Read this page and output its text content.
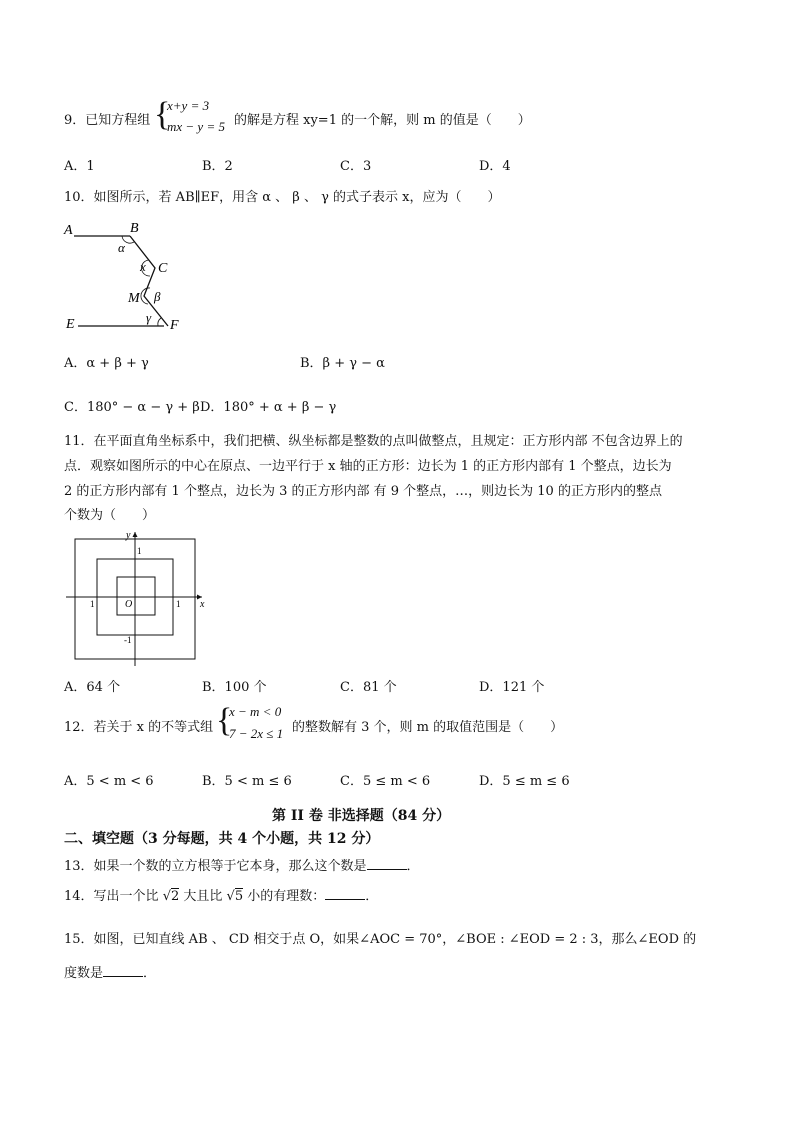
9．已知方程组 {
x+y = 3
mx − y = 5 的解是方程 xy=1 的一个解，则 m 的值是（　　）
A．1	B．2	C．3	D．4
10．如图所示，若 AB∥EF，用含 α 、 β 、 γ 的式子表示 x，应为（　　）
A	B
α
x C
M β
E	γ
F
A．α + β + γ	B．β + γ − α
C．180° − α − γ + β D．180° + α + β − γ
11．在平面直角坐标系中，我们把横、纵坐标都是整数的点叫做整点，且规定：正方形内部 不包含边界上的
点．观察如图所示的中心在原点、一边平行于 x 轴的正方形：边长为 1 的正方形内部有 1 个整点，边长为
2 的正方形内部有 1 个整点，边长为 3 的正方形内部 有 9 个整点，…，则边长为 10 的正方形内的整点
个数为（　　）
y
x
1
1	1
-1
O
A．64 个	B．100 个	C．81 个	D．121 个
12．若关于 x 的不等式组 {
x − m < 0
7 − 2x ≤ 1 的整数解有 3 个，则 m 的取值范围是（　　）
A．5 < m < 6	B．5 < m ≤ 6	C．5 ≤ m < 6	D．5 ≤ m ≤ 6
第 II 卷 非选择题（84 分）
二、填空题（3 分每题，共 4 个小题，共 12 分）
13．如果一个数的立方根等于它本身，那么这个数是	．
14．写出一个比 √2 大且比 √5 小的有理数：	．
15．如图，已知直线 AB 、 CD 相交于点 O，如果∠AOC = 70°，∠BOE : ∠EOD = 2 : 3，那么∠EOD 的
度数是	．
